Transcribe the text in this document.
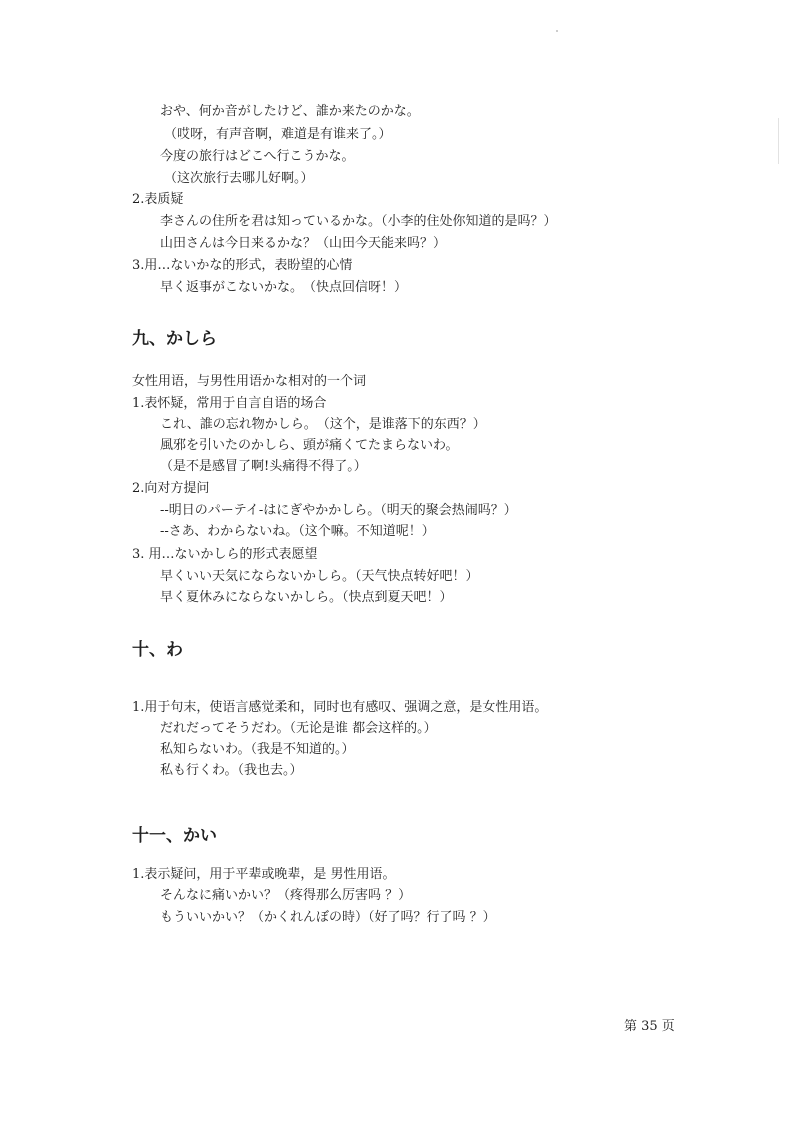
おや、何か音がしたけど、誰か来たのかな。
（哎呀，有声音啊，难道是有谁来了。）
今度の旅行はどこへ行こうかな。
（这次旅行去哪儿好啊。）
2.表质疑
李さんの住所を君は知っているかな。（小李的住处你知道的是吗？）
山田さんは今日来るかな？（山田今天能来吗？）
3.用…ないかな的形式，表盼望的心情
早く返事がこないかな。　（快点回信呀！）
九、かしら
女性用语，与男性用语かな相对的一个词
1.表怀疑，常用于自言自语的场合
これ、誰の忘れ物かしら。　（这个，是谁落下的东西？）
風邪を引いたのかしら、頭が痛くてたまらないわ。
（是不是感冒了啊!头痛得不得了。）
2.向对方提问
--明日のパーテイ-はにぎやかかしら。（明天的聚会热闹吗？）
--さあ、わからないね。（这个嘛。不知道呢！）
3. 用…ないかしら的形式表愿望
早くいい天気にならないかしら。（天气快点转好吧！）
早く夏休みにならないかしら。（快点到夏天吧！）
十、わ
1.用于句末，使语言感觉柔和，同时也有感叹、强调之意，是女性用语。
だれだってそうだわ。（无论是谁 都会这样的。）
私知らないわ。（我是不知道的。）
私も行くわ。（我也去。）
十一、かい
1.表示疑问，用于平辈或晚辈，是 男性用语。
そんなに痛いかい？（疼得那么厉害吗 ？）
もういいかい？（かくれんぼの時）（好了吗？行了吗 ？）
第 35 页
